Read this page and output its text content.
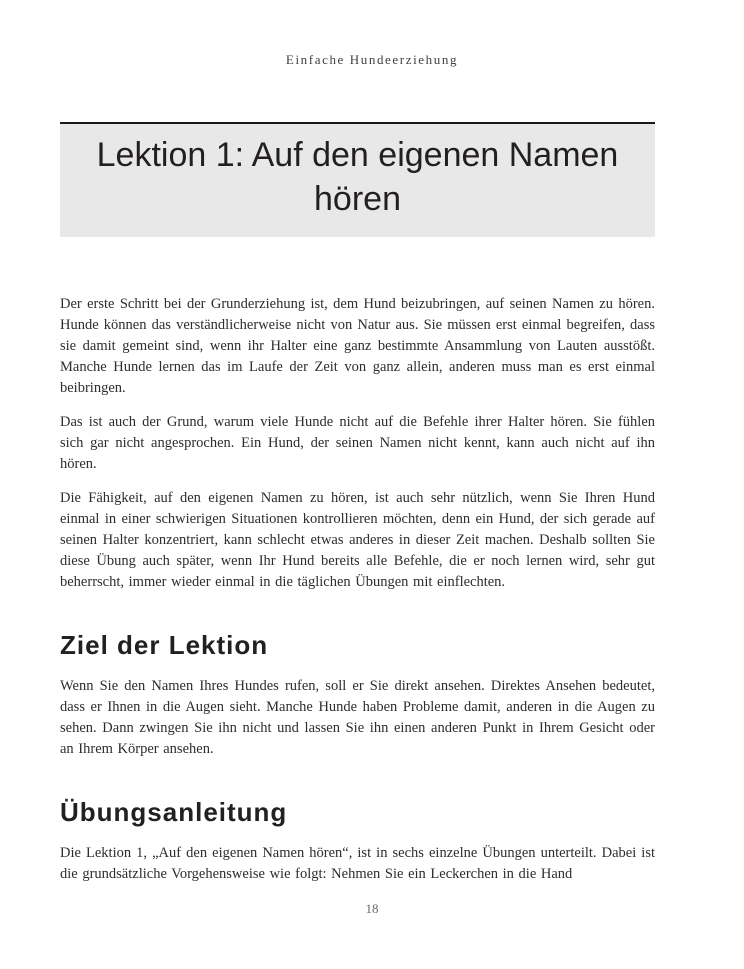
Einfache Hundeerziehung
Lektion 1: Auf den eigenen Namen hören

Der erste Schritt bei der Grunderziehung ist, dem Hund beizubringen, auf seinen Namen zu hören. Hunde können das verständlicherweise nicht von Natur aus. Sie müssen erst einmal begreifen, dass sie damit gemeint sind, wenn ihr Halter eine ganz bestimmte Ansammlung von Lauten ausstößt. Manche Hunde lernen das im Laufe der Zeit von ganz allein, anderen muss man es erst einmal beibringen.

Das ist auch der Grund, warum viele Hunde nicht auf die Befehle ihrer Halter hören. Sie fühlen sich gar nicht angesprochen. Ein Hund, der seinen Namen nicht kennt, kann auch nicht auf ihn hören.

Die Fähigkeit, auf den eigenen Namen zu hören, ist auch sehr nützlich, wenn Sie Ihren Hund einmal in einer schwierigen Situationen kontrollieren möchten, denn ein Hund, der sich gerade auf seinen Halter konzentriert, kann schlecht etwas anderes in dieser Zeit machen. Deshalb sollten Sie diese Übung auch später, wenn Ihr Hund bereits alle Befehle, die er noch lernen wird, sehr gut beherrscht, immer wieder einmal in die täglichen Übungen mit einflechten.

Ziel der Lektion

Wenn Sie den Namen Ihres Hundes rufen, soll er Sie direkt ansehen. Direktes Ansehen bedeutet, dass er Ihnen in die Augen sieht. Manche Hunde haben Probleme damit, anderen in die Augen zu sehen. Dann zwingen Sie ihn nicht und lassen Sie ihn einen anderen Punkt in Ihrem Gesicht oder an Ihrem Körper ansehen.

Übungsanleitung

Die Lektion 1, „Auf den eigenen Namen hören“, ist in sechs einzelne Übungen unterteilt. Dabei ist die grundsätzliche Vorgehensweise wie folgt: Nehmen Sie ein Leckerchen in die Hand

18
